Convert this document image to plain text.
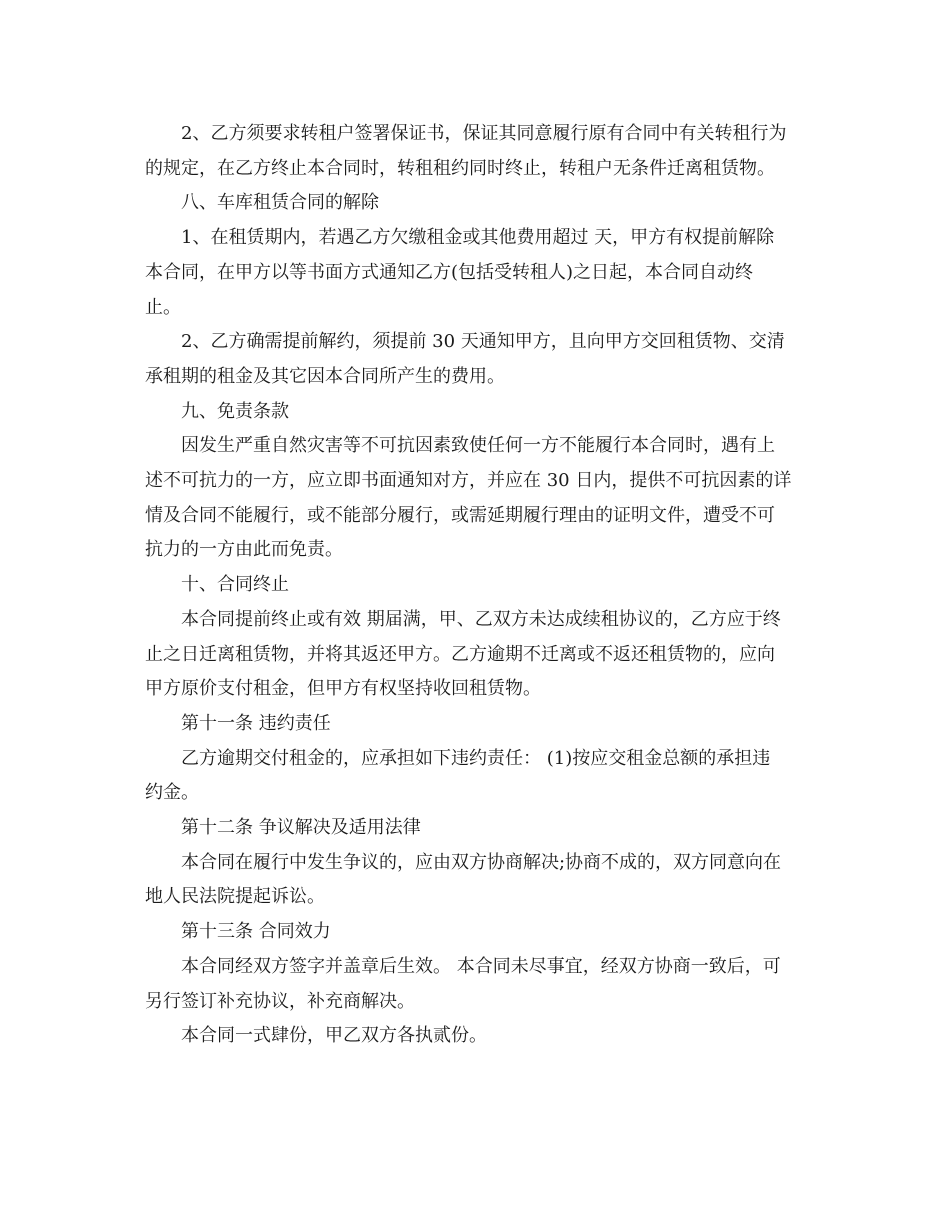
2、乙方须要求转租户签署保证书，保证其同意履行原有合同中有关转租行为
的规定，在乙方终止本合同时，转租租约同时终止，转租户无条件迁离租赁物。

八、车库租赁合同的解除

1、在租赁期内，若遇乙方欠缴租金或其他费用超过 天，甲方有权提前解除
本合同，在甲方以等书面方式通知乙方(包括受转租人)之日起，本合同自动终
止。

2、乙方确需提前解约，须提前 30 天通知甲方，且向甲方交回租赁物、交清
承租期的租金及其它因本合同所产生的费用。

九、免责条款

因发生严重自然灾害等不可抗因素致使任何一方不能履行本合同时，遇有上
述不可抗力的一方，应立即书面通知对方，并应在 30 日内，提供不可抗因素的详
情及合同不能履行，或不能部分履行，或需延期履行理由的证明文件，遭受不可
抗力的一方由此而免责。

十、合同终止

本合同提前终止或有效 期届满，甲、乙双方未达成续租协议的，乙方应于终
止之日迁离租赁物，并将其返还甲方。乙方逾期不迁离或不返还租赁物的，应向
甲方原价支付租金，但甲方有权坚持收回租赁物。

第十一条 违约责任

乙方逾期交付租金的，应承担如下违约责任： (1)按应交租金总额的承担违
约金。

第十二条 争议解决及适用法律

本合同在履行中发生争议的，应由双方协商解决;协商不成的，双方同意向在
地人民法院提起诉讼。

第十三条 合同效力

本合同经双方签字并盖章后生效。 本合同未尽事宜，经双方协商一致后，可
另行签订补充协议，补充商解决。

本合同一式肆份，甲乙双方各执贰份。
